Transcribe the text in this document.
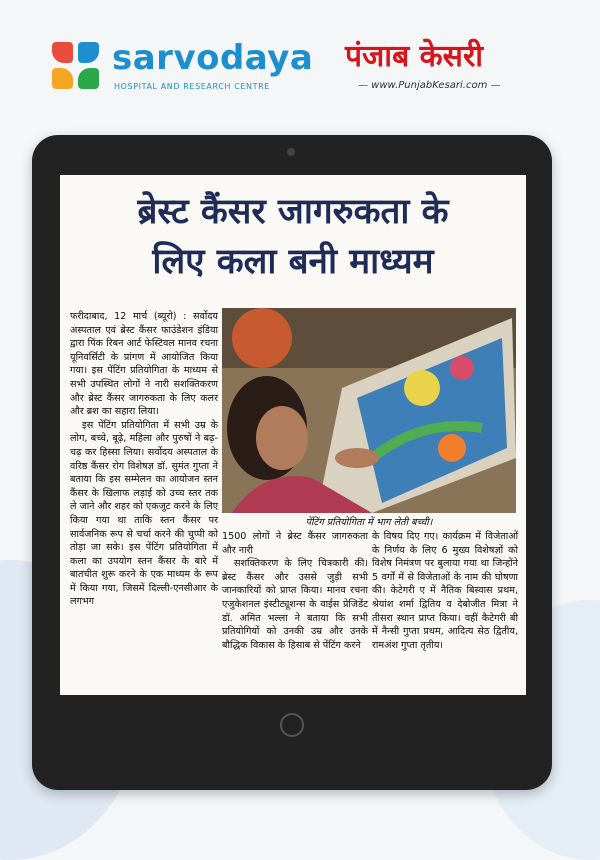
sarvodaya
HOSPITAL AND RESEARCH CENTRE
पंजाब केसरी
— www.PunjabKesari.com —
ब्रेस्ट कैंसर जागरुकता के
लिए कला बनी माध्यम

फरीदाबाद, 12 मार्च (ब्यूरो) : सर्वोदय अस्पताल एवं ब्रेस्ट कैंसर फाउंडेशन इंडिया द्वारा पिंक रिबन आर्ट फेस्टिवल मानव रचना यूनिवर्सिटी के प्रांगण में आयोजित किया गया। इस पेंटिंग प्रतियोगिता के माध्यम से सभी उपस्थित लोगों ने नारी सशक्तिकरण और ब्रेस्ट कैंसर जागरुकता के लिए कलर और ब्रश का सहारा लिया।

इस पेंटिंग प्रतियोगिता में सभी उम्र के लोग, बच्चे, बूढ़े, महिला और पुरुषों ने बढ़-चढ़ कर हिस्सा लिया। सर्वोदय अस्पताल के वरिष्ठ कैंसर रोग विशेषज्ञ डॉ. सुमंत गुप्ता ने बताया कि इस सम्मेलन का आयोजन स्तन कैंसर के खिलाफ लड़ाई को उच्च स्तर तक ले जाने और शहर को एकजुट करने के लिए किया गया था ताकि स्तन कैंसर पर सार्वजनिक रूप से चर्चा करने की चुप्पी को तोड़ा जा सके। इस पेंटिंग प्रतियोगिता में कला का उपयोग स्तन कैंसर के बारे में बातचीत शुरू करने के एक माध्यम के रूप में किया गया, जिसमें दिल्ली-एनसीआर के लगभग

पेंटिंग प्रतियोगिता में भाग लेती बच्ची।

1500 लोगों ने ब्रेस्ट कैंसर जागरुकता और नारी

सशक्तिकरण के लिए चित्रकारी की। ब्रेस्ट कैंसर और उससे जुड़ी सभी जानकारियों को प्राप्त किया। मानव रचना एजुकेशनल इंस्टीट्यूशन्स के वाईस प्रेजिडेंट डॉ. अमित भल्ला ने बताया कि सभी प्रतियोगियों को उनकी उम्र और उनके बौद्धिक विकास के हिसाब से पेंटिंग करने

के विषय दिए गए। कार्यक्रम में विजेताओं के निर्णय के लिए 6 मुख्य विशेषज्ञों को विशेष निमंत्रण पर बुलाया गया था जिन्होंने 5 वर्गों में से विजेताओं के नाम की घोषणा की। केटेगरी ए में नैतिक बिस्वास प्रथम, श्रेयांश शर्मा द्वितिय व देबोजीत मित्रा ने तीसरा स्थान प्राप्त किया। वहीं कैटेगरी बी में नैन्सी गुप्ता प्रथम, आदित्य सेठ द्वितीय, रामअंश गुप्ता तृतीय।
